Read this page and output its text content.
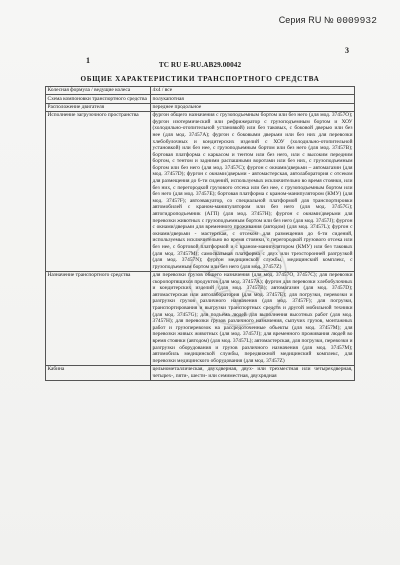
Серия RU № 0009932
1
3
TC RU E-RU.AB29.00042
ОБЩИЕ ХАРАКТЕРИСТИКИ ТРАНСПОРТНОГО СРЕДСТВА
Колесная формула / ведущие колеса	4x4 / все
Схема компоновки транспортного средства	полукапотная
Расположение двигателя	переднее продольное
Исполнение загрузочного пространства	фургон общего назначения с грузоподъемным бортом или без него (для мод. 37457О); фургон изотермический или рефрижератор с грузоподъемным бортом и ХОУ (холодильно-отопительной установкой) или без таковых, с боковой дверью или без нее (для мод. 37457А); фургон с боковыми дверьми или без них для перевозки хлебобулочных и кондитерских изделий с ХОУ (холодильно-отопительной установкой) или без нее, с грузоподъемным бортом или без него (для мод. 37457В); бортовая платформа с каркасом и тентом или без него, или с высоким передним бортом, с тентом и задними распашными воротами или без них, с грузоподъемным бортом или без него (для мод. 37457С); фургон с окнами/дверьми – автомагазин (для мод. 37457D); фургон с окнами/дверьми - автомастерская, автолаборатория с отсеком для размещения до 6-ти сидений, используемых исключительно во время стоянки, или без них, с перегородкой грузового отсека или без нее, с грузоподъемным бортом или без него (для мод. 37457Е); бортовая платформа с краном-манипулятором (КМУ) (для мод. 37457F); автоэвакуатор, со специальной платформой для транспортировки автомобилей с краном-манипулятором или без него (для мод. 37457G); автогидроподъемник (АГП) (для мод. 37457Н); фургон с окнами/дверьми для перевозки животных с грузоподъемным бортом или без него (для мод. 37457J); фургон с окнами/дверьми для временного проживания (автодом) (для мод. 37457L); фургон с окнами/дверьми - мастерская, с отсеком для размещения до 6-ти сидений, используемых исключительно во время стоянки, с перегородкой грузового отсека или без нее, с бортовой платформой и с краном-манипулятором (КМУ) или без таковых (для мод. 37457М); самосвальная платформа с двух или трехсторонней разгрузкой (для мод. 37457N); фургон медицинской службы, медицинский комплекс, с грузоподъемным бортом или без него (для мод. 37457Z)
Назначение транспортного средства	для перевозки грузов общего назначения (для мод. 37457О, 37457С); для перевозки скоропортящихся продуктов (для мод. 37457А); фургон для перевозки хлебобулочных и кондитерских изделий (для мод. 37457В); автомагазин (для мод. 37457D); автомастерская или автолаборатория (для мод. 37457Е); для погрузки, перевозки и разгрузки грузов различного назначения (для мод. 37457F); для погрузки, транспортирования и выгрузки транспортных средств и другой мобильной техники (для мод. 37457G); для подъема людей для выполнения высотных работ (для мод. 37457Н); для перевозки грузов различного назначения, сыпучих грузов, монтажных работ и грузоперевозок на рассредоточенные объекты (для мод. 37457М); для перевозки живых животных (для мод. 37457J); для временного проживания людей во время стоянки (автодом) (для мод. 37457L); автомастерская, для погрузки, перевозки и разгрузки оборудования и грузов различного назначения (для мод. 37457М); автомобиль медицинской службы, передвижной медицинский комплекс, для перевозки медицинского оборудования (для мод. 37457Z)
Кабина	цельнометаллическая, двухдверная, двух- или трехместная или четырехдверная, четырех-, пяти-, шести- или семиместная, двухрядная
